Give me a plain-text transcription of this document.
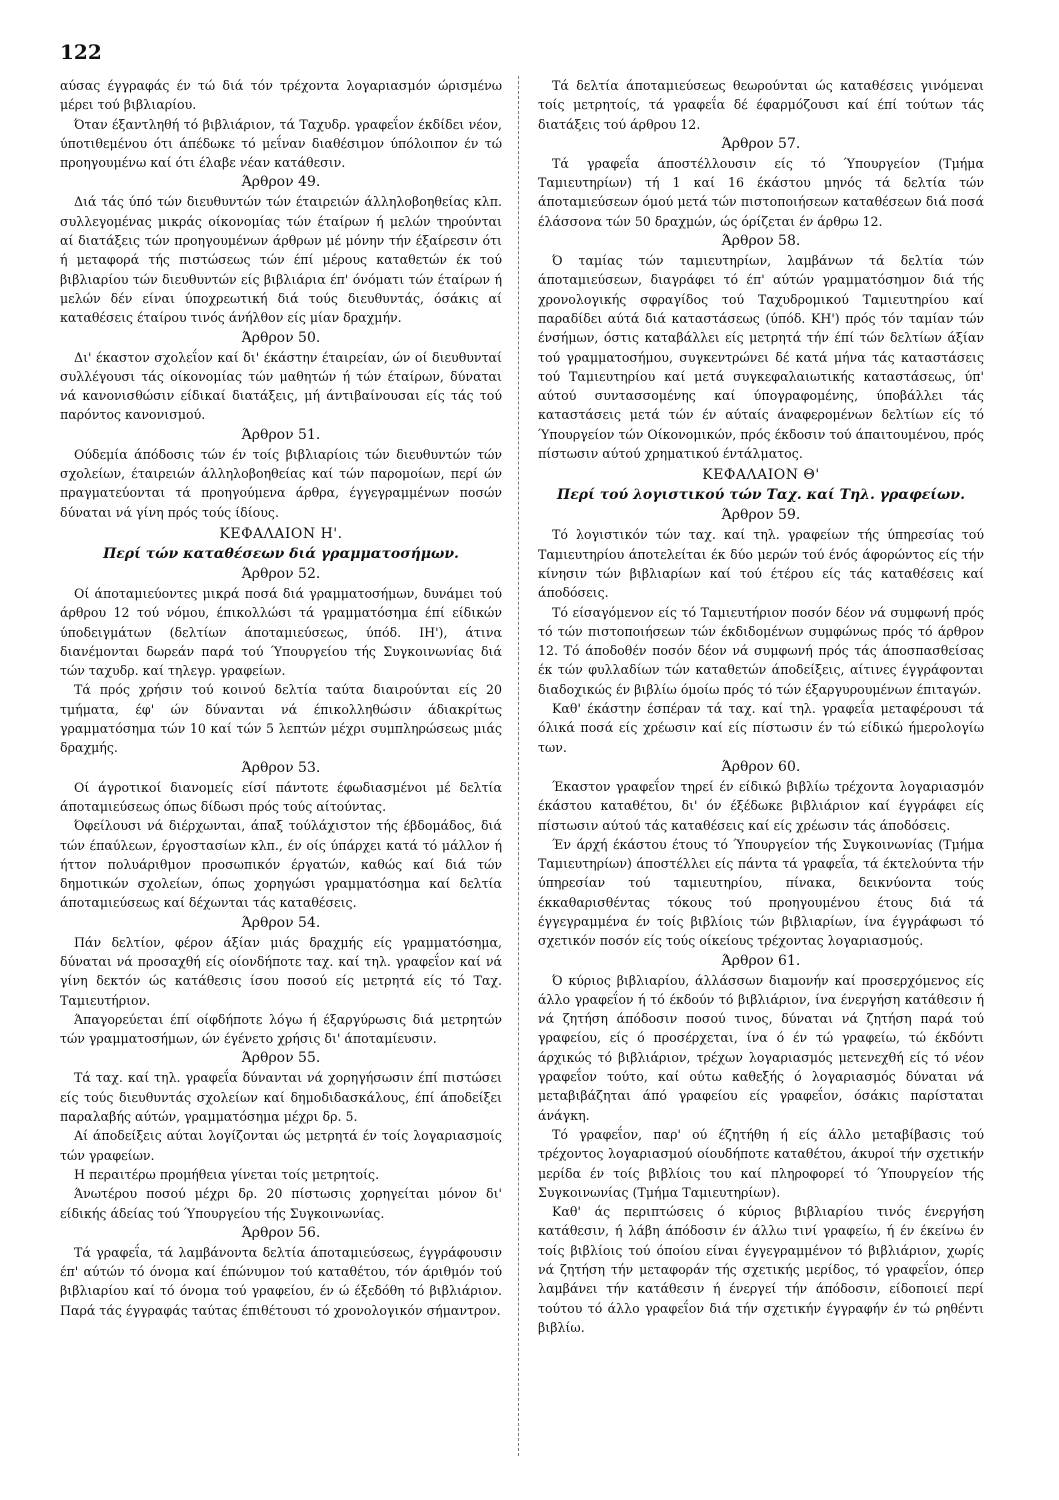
122

αύσας έγγραφάς έν τώ διά τόν τρέχοντα λογαριασμόν ώρισμένω μέρει τού βιβλιαρίου.

Όταν έξαντληθή τό βιβλιάριον, τά Ταχυδρ. γραφεΐον έκδίδει νέον, ύποτιθεμένου ότι άπέδωκε τό μεΐναν διαθέσιμον ύπόλοιπον έν τώ προηγουμένω καί ότι έλαβε νέαν κατάθεσιν.

Άρθρον 49.

Διά τάς ύπό τών διευθυντών τών έταιρειών άλληλοβοηθείας κλπ. συλλεγομένας μικράς οίκονομίας τών έταίρων ή μελών τηρούνται αί διατάξεις τών προηγουμένων άρθρων μέ μόνην τήν έξαίρεσιν ότι ή μεταφορά τής πιστώσεως τών έπί μέρους καταθετών έκ τού βιβλιαρίου τών διευθυντών είς βιβλιάρια έπ' όνόματι τών έταίρων ή μελών δέν είναι ύποχρεωτική διά τούς διευθυντάς, όσάκις αί καταθέσεις έταίρου τινός άνήλθον είς μίαν δραχμήν.

Άρθρον 50.

Δι' έκαστον σχολεΐον καί δι' έκάστην έταιρείαν, ών οί διευθυνταί συλλέγουσι τάς οίκονομίας τών μαθητών ή τών έταίρων, δύναται νά κανονισθώσιν είδικαί διατάξεις, μή άντιβαίνουσαι είς τάς τού παρόντος κανονισμού.

Άρθρον 51.

Ούδεμία άπόδοσις τών έν τοίς βιβλιαρίοις τών διευθυντών τών σχολείων, έταιρειών άλληλοβοηθείας καί τών παρομοίων, περί ών πραγματεύονται τά προηγούμενα άρθρα, έγγεγραμμένων ποσών δύναται νά γίνη πρός τούς ίδίους.

ΚΕΦΑΛΑΙΟΝ Η'.
Περί τών καταθέσεων διά γραμματοσήμων.
Άρθρον 52.

Οί άποταμιεύοντες μικρά ποσά διά γραμματοσήμων, δυνάμει τού άρθρου 12 τού νόμου, έπικολλώσι τά γραμματόσημα έπί είδικών ύποδειγμάτων (δελτίων άποταμιεύσεως, ύπόδ. ΙΗ'), άτινα διανέμονται δωρεάν παρά τού Ύπουργείου τής Συγκοινωνίας διά τών ταχυδρ. καί τηλεγρ. γραφείων.

Τά πρός χρήσιν τού κοινού δελτία ταύτα διαιρούνται είς 20 τμήματα, έφ' ών δύνανται νά έπικολληθώσιν άδιακρίτως γραμματόσημα τών 10 καί τών 5 λεπτών μέχρι συμπληρώσεως μιάς δραχμής.

Άρθρον 53.

Οί άγροτικοί διανομείς είσί πάντοτε έφωδιασμένοι μέ δελτία άποταμιεύσεως όπως δίδωσι πρός τούς αίτούντας.

Όφείλουσι νά διέρχωνται, άπαξ τούλάχιστον τής έβδομάδος, διά τών έπαύλεων, έργοστασίων κλπ., έν οίς ύπάρχει κατά τό μάλλον ή ήττον πολυάριθμον προσωπικόν έργατών, καθώς καί διά τών δημοτικών σχολείων, όπως χορηγώσι γραμματόσημα καί δελτία άποταμιεύσεως καί δέχωνται τάς καταθέσεις.

Άρθρον 54.

Πάν δελτίον, φέρον άξίαν μιάς δραχμής είς γραμματόσημα, δύναται νά προσαχθή είς οίονδήποτε ταχ. καί τηλ. γραφεΐον καί νά γίνη δεκτόν ώς κατάθεσις ίσου ποσού είς μετρητά είς τό Ταχ. Ταμιευτήριον.

Άπαγορεύεται έπί οίφδήποτε λόγω ή έξαργύρωσις διά μετρητών τών γραμματοσήμων, ών έγένετο χρήσις δι' άποταμίευσιν.

Άρθρον 55.

Τά ταχ. καί τηλ. γραφεΐα δύνανται νά χορηγήσωσιν έπί πιστώσει είς τούς διευθυντάς σχολείων καί δημοδιδασκάλους, έπί άποδείξει παραλαβής αύτών, γραμματόσημα μέχρι δρ. 5.

Αί άποδείξεις αύται λογίζονται ώς μετρητά έν τοίς λογαριασμοίς τών γραφείων.

Η περαιτέρω προμήθεια γίνεται τοίς μετρητοίς.

Άνωτέρου ποσού μέχρι δρ. 20 πίστωσις χορηγείται μόνον δι' είδικής άδείας τού Ύπουργείου τής Συγκοινωνίας.

Άρθρον 56.

Τά γραφεΐα, τά λαμβάνοντα δελτία άποταμιεύσεως, έγγράφουσιν έπ' αύτών τό όνομα καί έπώνυμον τού καταθέτου, τόν άριθμόν τού βιβλιαρίου καί τό όνομα τού γραφείου, έν ώ έξεδόθη τό βιβλιάριον. Παρά τάς έγγραφάς ταύτας έπιθέτουσι τό χρονολογικόν σήμαντρον.

Τά δελτία άποταμιεύσεως θεωρούνται ώς καταθέσεις γινόμεναι τοίς μετρητοίς, τά γραφεΐα δέ έφαρμόζουσι καί έπί τούτων τάς διατάξεις τού άρθρου 12.

Άρθρον 57.

Τά γραφεΐα άποστέλλουσιν είς τό Ύπουργείον (Τμήμα Ταμιευτηρίων) τή 1 καί 16 έκάστου μηνός τά δελτία τών άποταμιεύσεων όμού μετά τών πιστοποιήσεων καταθέσεων διά ποσά έλάσσονα τών 50 δραχμών, ώς όρίζεται έν άρθρω 12.

Άρθρον 58.

Ό ταμίας τών ταμιευτηρίων, λαμβάνων τά δελτία τών άποταμιεύσεων, διαγράφει τό έπ' αύτών γραμματόσημον διά τής χρονολογικής σφραγίδος τού Ταχυδρομικού Ταμιευτηρίου καί παραδίδει αύτά διά καταστάσεως (ύπόδ. ΚΗ') πρός τόν ταμίαν τών ένσήμων, όστις καταβάλλει είς μετρητά τήν έπί τών δελτίων άξίαν τού γραμματοσήμου, συγκεντρώνει δέ κατά μήνα τάς καταστάσεις τού Ταμιευτηρίου καί μετά συγκεφαλαιωτικής καταστάσεως, ύπ' αύτού συντασσομένης καί ύπογραφομένης, ύποβάλλει τάς καταστάσεις μετά τών έν αύταίς άναφερομένων δελτίων είς τό Ύπουργείον τών Οίκονομικών, πρός έκδοσιν τού άπαιτουμένου, πρός πίστωσιν αύτού χρηματικού έντάλματος.

ΚΕΦΑΛΑΙΟΝ Θ'
Περί τού λογιστικού τών Ταχ. καί Τηλ. γραφείων.
Άρθρον 59.

Τό λογιστικόν τών ταχ. καί τηλ. γραφείων τής ύπηρεσίας τού Ταμιευτηρίου άποτελείται έκ δύο μερών τού ένός άφορώντος είς τήν κίνησιν τών βιβλιαρίων καί τού έτέρου είς τάς καταθέσεις καί άποδόσεις.

Τό είσαγόμενον είς τό Ταμιευτήριον ποσόν δέον νά συμφωνή πρός τό τών πιστοποιήσεων τών έκδιδομένων συμφώνως πρός τό άρθρον 12. Τό άποδοθέν ποσόν δέον νά συμφωνή πρός τάς άποσπασθείσας έκ τών φυλλαδίων τών καταθετών άποδείξεις, αίτινες έγγράφονται διαδοχικώς έν βιβλίω όμοίω πρός τό τών έξαργυρουμένων έπιταγών.

Καθ' έκάστην έσπέραν τά ταχ. καί τηλ. γραφεΐα μεταφέρουσι τά όλικά ποσά είς χρέωσιν καί είς πίστωσιν έν τώ είδικώ ήμερολογίω των.

Άρθρον 60.

Έκαστον γραφεΐον τηρεί έν είδικώ βιβλίω τρέχοντα λογαριασμόν έκάστου καταθέτου, δι' όν έξέδωκε βιβλιάριον καί έγγράφει είς πίστωσιν αύτού τάς καταθέσεις καί είς χρέωσιν τάς άποδόσεις.

Έν άρχή έκάστου έτους τό Ύπουργείον τής Συγκοινωνίας (Τμήμα Ταμιευτηρίων) άποστέλλει είς πάντα τά γραφεΐα, τά έκτελούντα τήν ύπηρεσίαν τού ταμιευτηρίου, πίνακα, δεικνύοντα τούς έκκαθαρισθέντας τόκους τού προηγουμένου έτους διά τά έγγεγραμμένα έν τοίς βιβλίοις τών βιβλιαρίων, ίνα έγγράφωσι τό σχετικόν ποσόν είς τούς οίκείους τρέχοντας λογαριασμούς.

Άρθρον 61.

Ό κύριος βιβλιαρίου, άλλάσσων διαμονήν καί προσερχόμενος είς άλλο γραφεΐον ή τό έκδούν τό βιβλιάριον, ίνα ένεργήση κατάθεσιν ή νά ζητήση άπόδοσιν ποσού τινος, δύναται νά ζητήση παρά τού γραφείου, είς ό προσέρχεται, ίνα ό έν τώ γραφείω, τώ έκδόντι άρχικώς τό βιβλιάριον, τρέχων λογαριασμός μετενεχθή είς τό νέον γραφεΐον τούτο, καί ούτω καθεξής ό λογαριασμός δύναται νά μεταβιβάζηται άπό γραφείου είς γραφεΐον, όσάκις παρίσταται άνάγκη.

Τό γραφεΐον, παρ' ού έζητήθη ή είς άλλο μεταβίβασις τού τρέχοντος λογαριασμού οίουδήποτε καταθέτου, άκυροί τήν σχετικήν μερίδα έν τοίς βιβλίοις του καί πληροφορεί τό Ύπουργείον τής Συγκοινωνίας (Τμήμα Ταμιευτηρίων).

Καθ' άς περιπτώσεις ό κύριος βιβλιαρίου τινός ένεργήση κατάθεσιν, ή λάβη άπόδοσιν έν άλλω τινί γραφείω, ή έν έκείνω έν τοίς βιβλίοις τού όποίου είναι έγγεγραμμένον τό βιβλιάριον, χωρίς νά ζητήση τήν μεταφοράν τής σχετικής μερίδος, τό γραφεΐον, όπερ λαμβάνει τήν κατάθεσιν ή ένεργεί τήν άπόδοσιν, είδοποιεί περί τούτου τό άλλο γραφεΐον διά τήν σχετικήν έγγραφήν έν τώ ρηθέντι βιβλίω.
